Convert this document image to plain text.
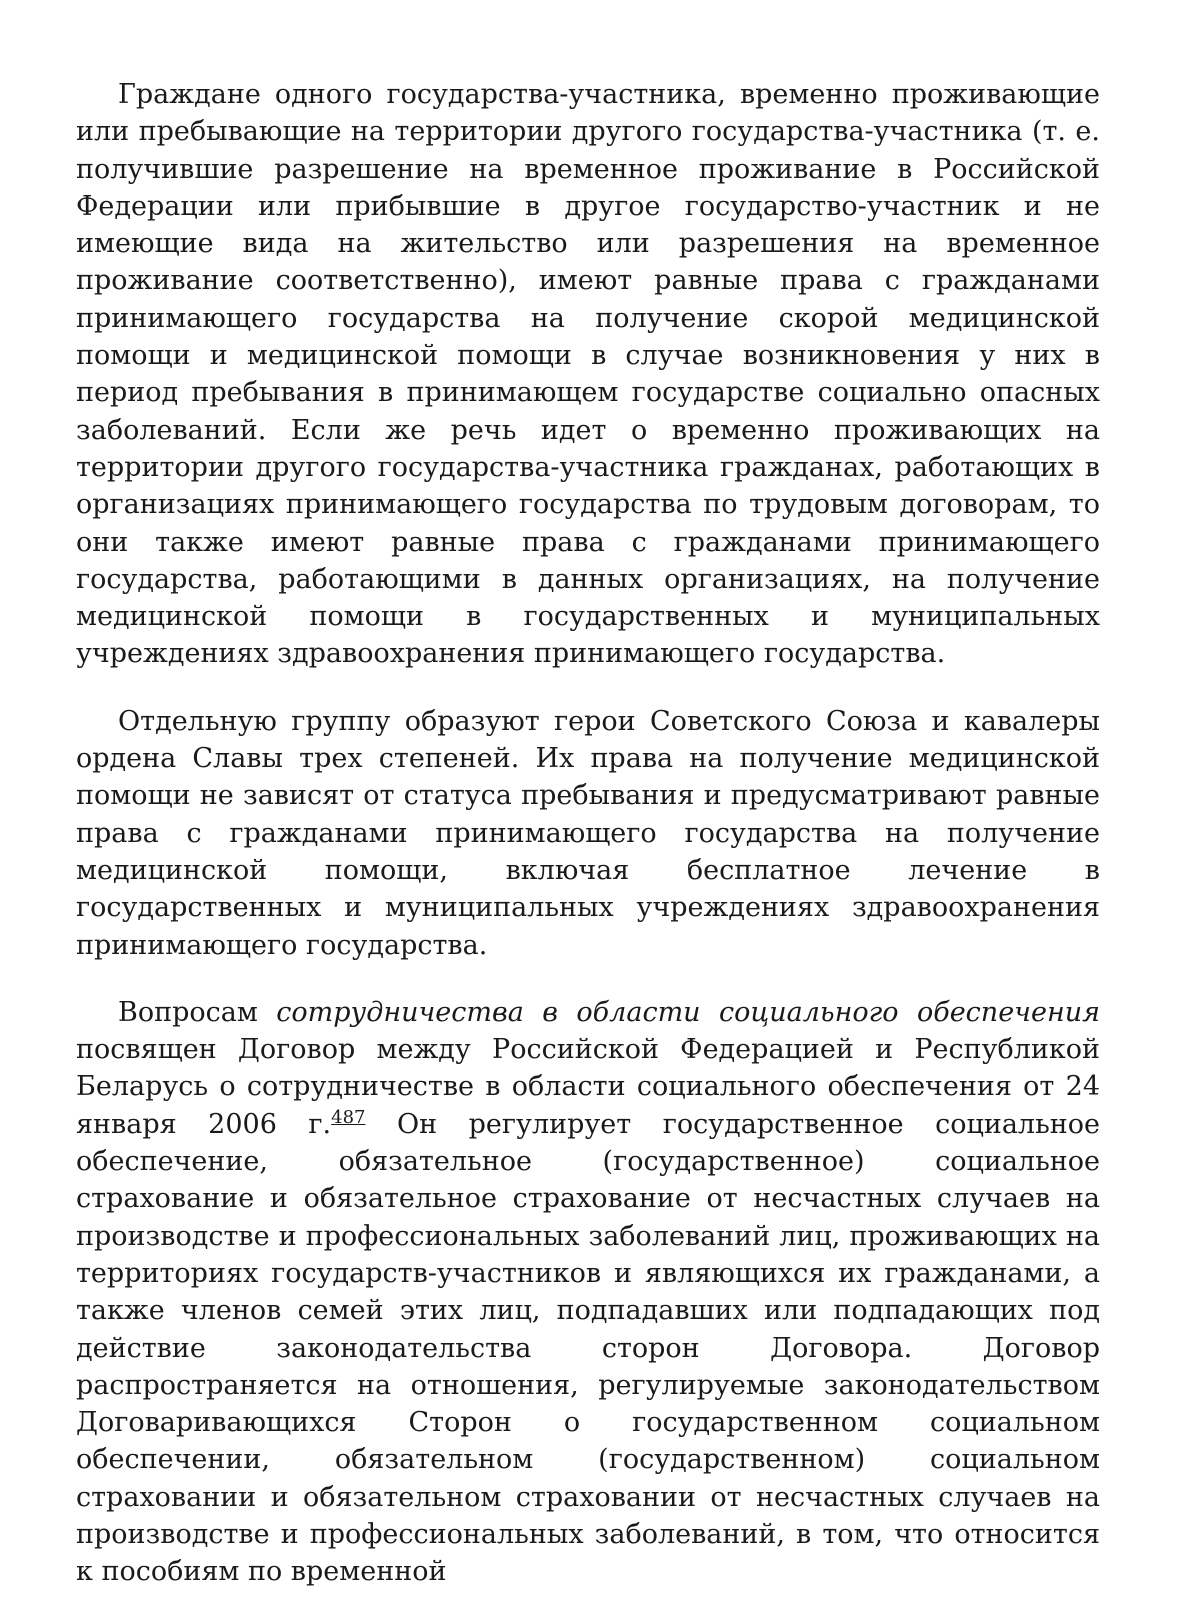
Граждане одного государства-участника, временно проживающие или пребывающие на территории другого государства-участника (т. е. получившие разрешение на временное проживание в Российской Федерации или прибывшие в другое государство-участник и не имеющие вида на жительство или разрешения на временное проживание соответственно), имеют равные права с гражданами принимающего государства на получение скорой медицинской помощи и медицинской помощи в случае возникновения у них в период пребывания в принимающем государстве социально опасных заболеваний. Если же речь идет о временно проживающих на территории другого государства-участника гражданах, работающих в организациях принимающего государства по трудовым договорам, то они также имеют равные права с гражданами принимающего государства, работающими в данных организациях, на получение медицинской помощи в государственных и муниципальных учреждениях здравоохранения принимающего государства.

Отдельную группу образуют герои Советского Союза и кавалеры ордена Славы трех степеней. Их права на получение медицинской помощи не зависят от статуса пребывания и предусматривают равные права с гражданами принимающего государства на получение медицинской помощи, включая бесплатное лечение в государственных и муниципальных учреждениях здравоохранения принимающего государства.

Вопросам сотрудничества в области социального обеспечения посвящен Договор между Российской Федерацией и Республикой Беларусь о сотрудничестве в области социального обеспечения от 24 января 2006 г.$^{487}$ Он регулирует государственное социальное обеспечение, обязательное (государственное) социальное страхование и обязательное страхование от несчастных случаев на производстве и профессиональных заболеваний лиц, проживающих на территориях государств-участников и являющихся их гражданами, а также членов семей этих лиц, подпадавших или подпадающих под действие законодательства сторон Договора. Договор распространяется на отношения, регулируемые законодательством Договаривающихся Сторон о государственном социальном обеспечении, обязательном (государственном) социальном страховании и обязательном страховании от несчастных случаев на производстве и профессиональных заболеваний, в том, что относится к пособиям по временной
